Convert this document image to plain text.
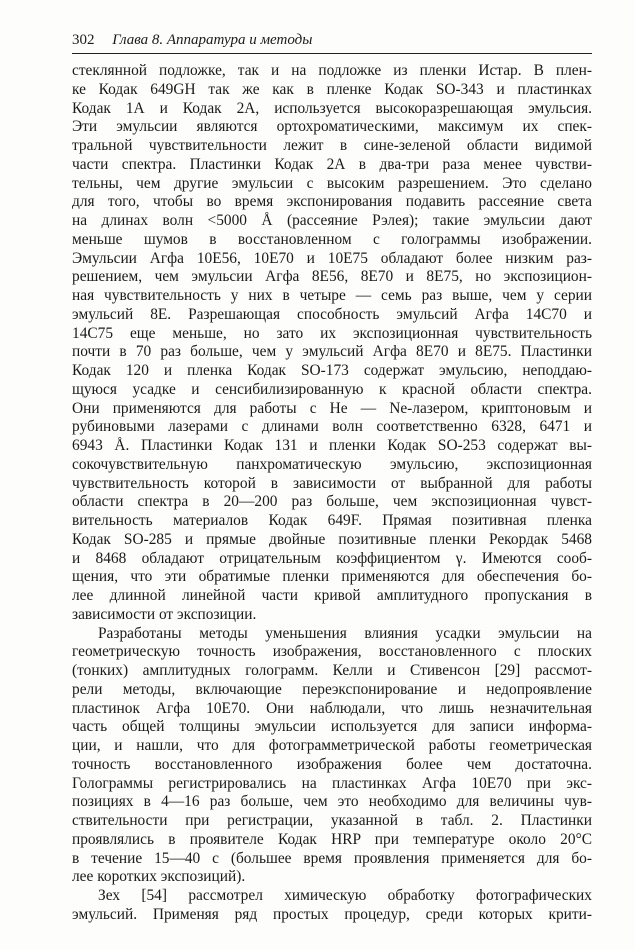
302 Глава 8. Аппаратура и методы
стеклянной подложке, так и на подложке из пленки Истар. В плен-
ке Кодак 649GH так же как в пленке Кодак SO-343 и пластинках
Кодак 1А и Кодак 2А, используется высокоразрешающая эмульсия.
Эти эмульсии являются ортохроматическими, максимум их спек-
тральной чувствительности лежит в сине-зеленой области видимой
части спектра. Пластинки Кодак 2А в два-три раза менее чувстви-
тельны, чем другие эмульсии с высоким разрешением. Это сделано
для того, чтобы во время экспонирования подавить рассеяние света
на длинах волн <5000 Å (рассеяние Рэлея); такие эмульсии дают
меньше шумов в восстановленном с голограммы изображении.
Эмульсии Агфа 10Е56, 10Е70 и 10Е75 обладают более низким раз-
решением, чем эмульсии Агфа 8Е56, 8Е70 и 8Е75, но экспозицион-
ная чувствительность у них в четыре — семь раз выше, чем у серии
эмульсий 8Е. Разрешающая способность эмульсий Агфа 14С70 и
14С75 еще меньше, но зато их экспозиционная чувствительность
почти в 70 раз больше, чем у эмульсий Агфа 8Е70 и 8Е75. Пластинки
Кодак 120 и пленка Кодак SO-173 содержат эмульсию, неподдаю-
щуюся усадке и сенсибилизированную к красной области спектра.
Они применяются для работы с He — Ne-лазером, криптоновым и
рубиновыми лазерами с длинами волн соответственно 6328, 6471 и
6943 Å. Пластинки Кодак 131 и пленки Кодак SO-253 содержат вы-
сокочувствительную панхроматическую эмульсию, экспозиционная
чувствительность которой в зависимости от выбранной для работы
области спектра в 20—200 раз больше, чем экспозиционная чувст-
вительность материалов Кодак 649F. Прямая позитивная пленка
Кодак SO-285 и прямые двойные позитивные пленки Рекордак 5468
и 8468 обладают отрицательным коэффициентом γ. Имеются сооб-
щения, что эти обратимые пленки применяются для обеспечения бо-
лее длинной линейной части кривой амплитудного пропускания в
зависимости от экспозиции.
Разработаны методы уменьшения влияния усадки эмульсии на
геометрическую точность изображения, восстановленного с плоских
(тонких) амплитудных голограмм. Келли и Стивенсон [29] рассмот-
рели методы, включающие переэкспонирование и недопроявление
пластинок Агфа 10Е70. Они наблюдали, что лишь незначительная
часть общей толщины эмульсии используется для записи информа-
ции, и нашли, что для фотограмметрической работы геометрическая
точность восстановленного изображения более чем достаточна.
Голограммы регистрировались на пластинках Агфа 10Е70 при экс-
позициях в 4—16 раз больше, чем это необходимо для величины чув-
ствительности при регистрации, указанной в табл. 2. Пластинки
проявлялись в проявителе Кодак HRP при температуре около 20°С
в течение 15—40 с (большее время проявления применяется для бо-
лее коротких экспозиций).
Зех [54] рассмотрел химическую обработку фотографических
эмульсий. Применяя ряд простых процедур, среди которых крити-
